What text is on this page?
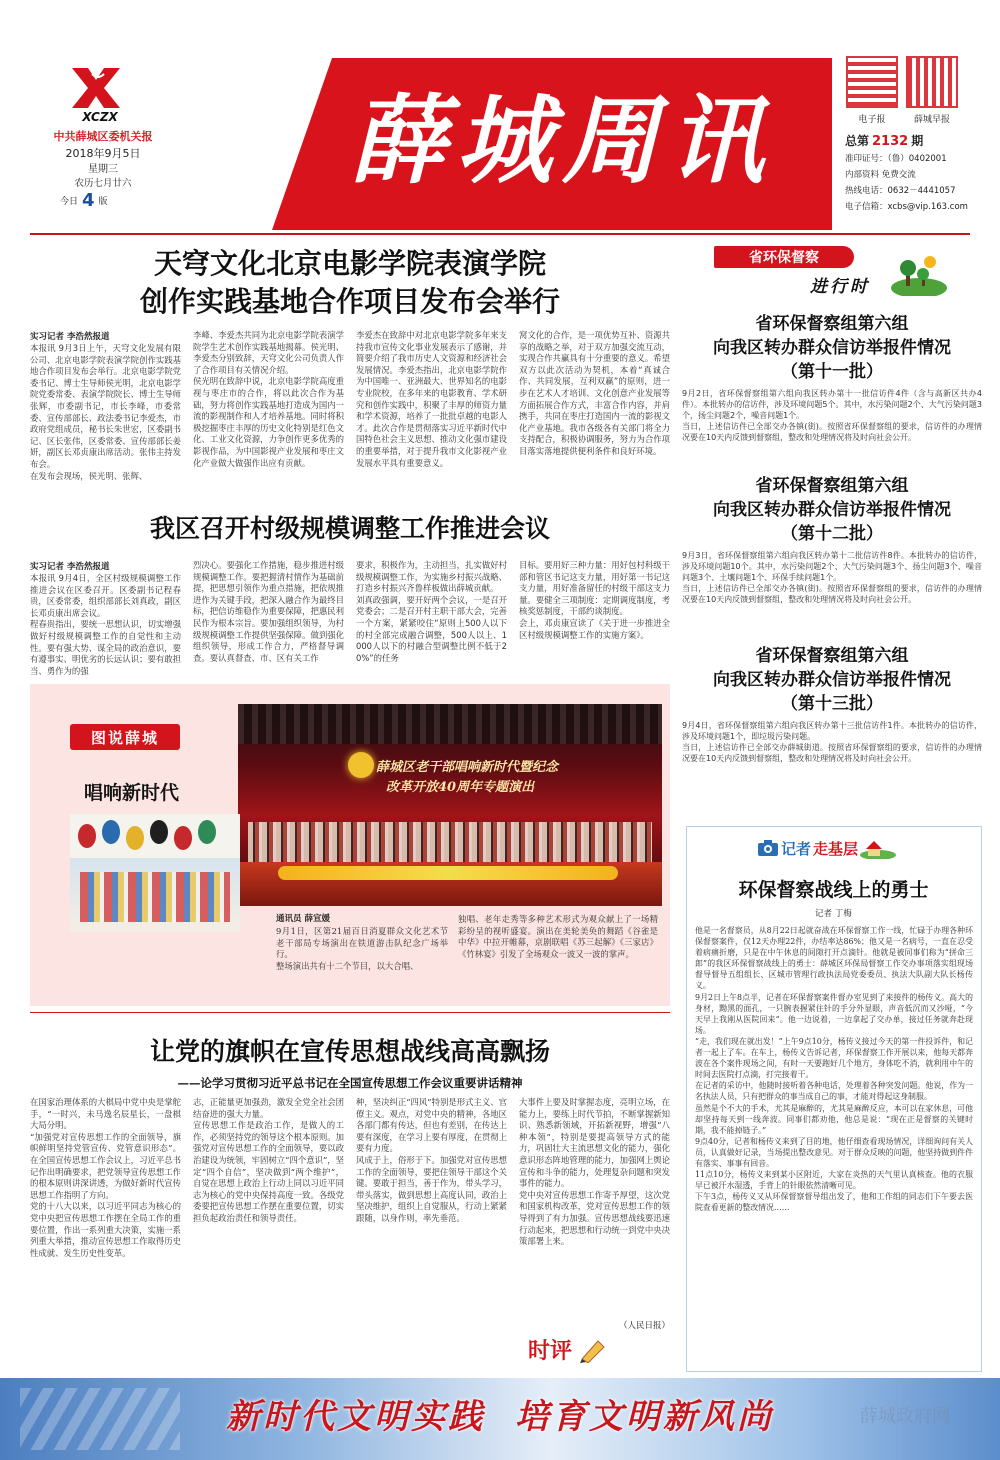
XCZX
中共薛城区委机关报
2018年9月5日
星期三
农历七月廿六
今日 4 版
薛城周讯	电子报	薛城早报
总第 2132 期
准印证号：（鲁）0402001
内部资料 免费交流
热线电话：0632－4441057
电子信箱：xcbs@vip.163.com
天穹文化北京电影学院表演学院
创作实践基地合作项目发布会举行
实习记者 李浩然报道
本报讯 9月3日上午，天穹文化发展有限公司、北京电影学院表演学院创作实践基地合作项目发布会举行。北京电影学院党委书记、博士生导师侯光明，北京电影学院党委常委、表演学院院长、博士生导师张辉，市委副书记，市长李峰，市委常委、宣传部部长、政法委书记李爱杰，市政府党组成员，秘书长朱世宏，区委副书记、区长张伟，区委常委、宣传部部长姜妍，副区长邓贞康出席活动。张伟主持发布会。
在发布会现场，侯光明、张辉、
李峰、李爱杰共同为北京电影学院表演学院学生艺术创作实践基地揭幕。侯光明、李爱杰分别致辞，天穹文化公司负责人作了合作项目有关情况介绍。
侯光明在致辞中说，北京电影学院高度重视与枣庄市的合作，将以此次合作为基础，努力将创作实践基地打造成为国内一流的影视制作和人才培养基地。同时将积极挖掘枣庄丰厚的历史文化特别是红色文化、工业文化资源，力争创作更多优秀的影视作品，为中国影视产业发展和枣庄文化产业做大做强作出应有贡献。
李爱杰在致辞中对北京电影学院多年来支持我市宣传文化事业发展表示了感谢，并简要介绍了我市历史人文资源和经济社会发展情况。李爱杰指出，北京电影学院作为中国唯一、亚洲最大、世界知名的电影专业院校，在多年来的电影教育、学术研究和创作实践中，积聚了丰厚的师资力量和学术资源，培养了一批批卓越的电影人才。此次合作是贯彻落实习近平新时代中国特色社会主义思想、推动文化强市建设的重要举措，对于提升我市文化影视产业发展水平具有重要意义。
窝文化的合作，是一项优势互补、资源共享的战略之举，对于双方加强交流互动，实现合作共赢具有十分重要的意义。希望双方以此次活动为契机，本着“真诚合作、共同发展，互利双赢”的原则，进一步在艺术人才培训、文化创意产业发展等方面拓展合作方式，丰富合作内容，并肩携手，共同在枣庄打造国内一流的影视文化产业基地。我市各级各有关部门将全力支持配合，积极协调服务，努力为合作项目落实落地提供便利条件和良好环境。
我区召开村级规模调整工作推进会议
实习记者 李浩然报道
本报讯 9月4日，全区村级规模调整工作推进会议在区委召开。区委副书记程春贵，区委常委，组织部部长刘真政，副区长邓贞康出席会议。
程春贵指出，要统一思想认识，切实增强做好村级规模调整工作的自觉性和主动性。要有强大势、谋全局的政治意识，要有遵事实、明优劣的长远认识；要有敢担当、勇作为的强
烈决心。要强化工作措施，稳步推进村级规模调整工作。要把握清村情作为基础前提，把思想引领作为重点措施，把依规推进作为关键手段，把深入融合作为最终目标，把信访维稳作为重要保障，把惠民利民作为根本宗旨。要加强组织领导，为村级规模调整工作提供坚强保障。做到强化组织领导，形成工作合力，严格督导调查。要认真督查、市、区有关工作
要求，积极作为，主动担当，扎实做好村级规模调整工作，为实施乡村振兴战略、打造乡村振兴齐鲁样板做出薛城贡献。
刘真政强调，要开好两个会议，一是召开党委会；二是召开村主职干部大会，完善一个方案，紧紧咬住“原则上500人以下的村全部完成融合调整，500人以上、1000人以下的村融合型调整比例不低于20%”的任务
目标。要用好三种力量：用好包村科级干部和管区书记这支力量，用好第一书记这支力量，用好准备留任的村级干部这支力量。要健全三项制度：定期调度制度，考核奖惩制度，干部约谈制度。
会上，邓贞康宣读了《关于进一步推进全区村级规模调整工作的实施方案》。
图说薛城
唱响新时代
薛城区老干部唱响新时代暨纪念
改革开放40周年专题演出
通讯员 薛宣媛
9月1日，区第21届百日消夏群众文化艺术节老干部局专场演出在铁道游击队纪念广场举行。
整场演出共有十二个节目，以大合唱、
独唱、老年走秀等多种艺术形式为观众献上了一场精彩纷呈的视听盛宴。演出在美轮美奂的舞蹈《谷雀是中华》中拉开帷幕，京剧联唱《苏三起解》《三家店》《竹林宴》引发了全场观众一波又一波的掌声。
让党的旗帜在宣传思想战线高高飘扬
——论学习贯彻习近平总书记在全国宣传思想工作会议重要讲话精神
在国家治理体系的大棋局中党中央是掌舵手，“一时兴，未马逸名辰星长，一盘棋大局分明。
“加强党对宣传思想工作的全面领导，旗帜鲜明坚持党管宣传、党管意识形态”。在全国宣传思想工作会议上，习近平总书记作出明确要求，把党领导宣传思想工作的根本原则讲深讲透，为做好新时代宣传思想工作指明了方向。
党的十八大以来，以习近平同志为核心的党中央把宣传思想工作摆在全局工作的重要位置，作出一系列重大决策，实施一系列重大举措，推动宣传思想工作取得历史性成就、发生历史性变革。
志，正能量更加强劲，激发全党全社会团结奋进的强大力量。
宣传思想工作是政治工作，是做人的工作，必须坚持党的领导这个根本原则。加强党对宣传思想工作的全面领导，要以政治建设为统领，牢固树立“四个意识”，坚定“四个自信”，坚决做到“两个维护”，自觉在思想上政治上行动上同以习近平同志为核心的党中央保持高度一致。各级党委要把宣传思想工作摆在重要位置，切实担负起政治责任和领导责任。
种，坚决纠正“四风”特别是形式主义、官僚主义。观点，对党中央的精神，各地区各部门都有传达，但也有差别，在传达上要有深度，在学习上要有厚度，在贯彻上要有力度。
风成于上，俗形于下。加强党对宣传思想工作的全面领导，要把住领导干部这个关键。要敢于担当，善于作为，带头学习，带头落实，做到思想上高度认同，政治上坚决维护，组织上自觉服从，行动上紧紧跟随，以身作则，率先垂范。
大事件上要及时掌握态度，亮明立场，在能力上，要练上时代节拍，不断掌握新知识、熟悉新领域，开拓新视野，增强“八种本领”，特别是要提高领导方式的能力，巩固壮大主流思想文化的能力，强化意识形态阵地管理的能力，加强网上舆论宣传和斗争的能力，处理复杂问题和突发事件的能力。
党中央对宣传思想工作寄予厚望，这次党和国家机构改革，党对宣传思想工作的领导得到了有力加强。宣传思想战线要迅速行动起来，把思想和行动统一到党中央决策部署上来。
（人民日报）
时评
省环保督察
进行时
省环保督察组第六组
向我区转办群众信访举报件情况
（第十一批）
9月2日，省环保督察组第六组向我区转办第十一批信访件4件（含与高新区共办4件）。本批转办的信访件，涉及环境问题5个。其中，水污染问题2个、大气污染问题3个，扬尘问题2个，噪音问题1个。
当日，上述信访件已全部交办各镇(街)。按照省环保督察组的要求，信访件的办理情况要在10天内反馈到督察组，整改和处理情况将及时向社会公开。
省环保督察组第六组
向我区转办群众信访举报件情况
（第十二批）
9月3日，省环保督察组第六组向我区转办第十二批信访件8件。本批转办的信访件，涉及环境问题10个。其中，水污染问题2个、大气污染问题3个、扬尘问题3个、噪音问题3个、土壤问题1个、环保手续问题1个。
当日，上述信访件已全部交办各镇(街)。按照省环保督察组的要求，信访件的办理情况要在10天内反馈到督察组，整改和处理情况将及时向社会公开。
省环保督察组第六组
向我区转办群众信访举报件情况
（第十三批）
9月4日，省环保督察组第六组向我区转办第十三批信访件1件。本批转办的信访件，涉及环境问题1个，即垃圾污染问题。
当日，上述信访件已全部交办薛城街道。按照省环保督察组的要求，信访件的办理情况要在10天内反馈到督察组，整改和处理情况将及时向社会公开。
记者 走基层
环保督察战线上的勇士
记者 丁梅
他是一名督察员，从8月22日起就奋战在环保督察工作一线，忙碌于办理各种环保督察案件，仅12天办理22件，办结率达86%；他又是一名病号，一直在忍受着病痛折磨，只是在中午休息的间隙打开点滴针。他就是被同事们称为“拼命三郎”的我区环保督察战线上的勇士：薛城区环保局督察工作交办事项落实组现场督导督导五组组长、区城市管理行政执法局党委委员、执法大队副大队长杨传义。
9月2日上午8点半，记者在环保督察案件督办室见到了来接件的杨传义。高大的身材，黝黑的面孔，一只腕表握紧住针的手分外显眼，声音低沉而又沙哑，“今天早上我刚从医院回来”。他一边说着，一边拿起了交办单，接过任务就奔赴现场。
“走，我们现在就出发！”上午9点10分，杨传义接过今天的第一件投诉件，和记者一起上了车。在车上，杨传义告诉记者，环保督察工作开展以来，他每天都奔波在各个案件现场之间，有时一天要跑好几个地方，身体吃不消，就利用中午的时间去医院打点滴，打完接着干。
在记者的采访中，他随时接听着各种电话，处理着各种突发问题。他说，作为一名执法人员，只有把群众的事当成自己的事，才能对得起这身制服。
虽然是个不大的手术，尤其是麻醉的，尤其是麻醉反应，本可以在家休息，可他却坚持每天到一线奔波。同事们都劝他，他总是说：“现在正是督察的关键时期，我不能掉链子。”
9点40分，记者和杨传义来到了目的地，他仔细查看现场情况，详细询问有关人员，认真做好记录，当场提出整改意见。对于群众反映的问题，他坚持做到件件有落实、事事有回音。
11点10分，杨传义来到某小区附近，大家在炎热的天气里认真核查。他的衣服早已被汗水湿透，手背上的针眼依然清晰可见。
下午3点，杨传义又从环保督察督导组出发了，他和工作组的同志们下午要去医院查看更新的整改情况……
新时代文明实践  培育文明新风尚	薛城政府网
